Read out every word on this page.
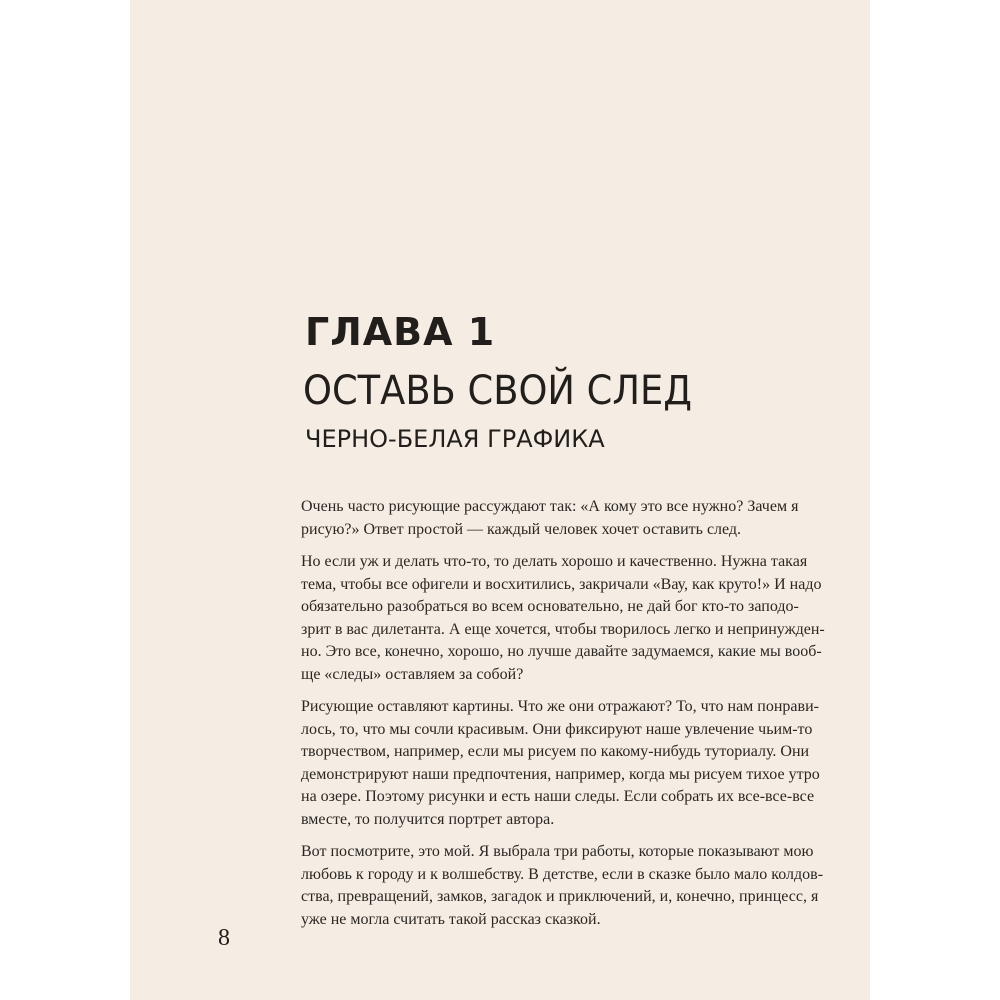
ГЛАВА 1
ОСТАВЬ СВОЙ СЛЕД
ЧЕРНО-БЕЛАЯ ГРАФИКА

Очень часто рисующие рассуждают так: «А кому это все нужно? Зачем я
рисую?» Ответ простой — каждый человек хочет оставить след.

Но если уж и делать что-то, то делать хорошо и качественно. Нужна такая
тема, чтобы все офигели и восхитились, закричали «Вау, как круто!» И надо
обязательно разобраться во всем основательно, не дай бог кто-то заподо-
зрит в вас дилетанта. А еще хочется, чтобы творилось легко и непринужден-
но. Это все, конечно, хорошо, но лучше давайте задумаемся, какие мы вооб-
ще «следы» оставляем за собой?

Рисующие оставляют картины. Что же они отражают? То, что нам понрави-
лось, то, что мы сочли красивым. Они фиксируют наше увлечение чьим-то
творчеством, например, если мы рисуем по какому-нибудь туториалу. Они
демонстрируют наши предпочтения, например, когда мы рисуем тихое утро
на озере. Поэтому рисунки и есть наши следы. Если собрать их все-все-все
вместе, то получится портрет автора.

Вот посмотрите, это мой. Я выбрала три работы, которые показывают мою
любовь к городу и к волшебству. В детстве, если в сказке было мало колдов-
ства, превращений, замков, загадок и приключений, и, конечно, принцесс, я
уже не могла считать такой рассказ сказкой.

8
